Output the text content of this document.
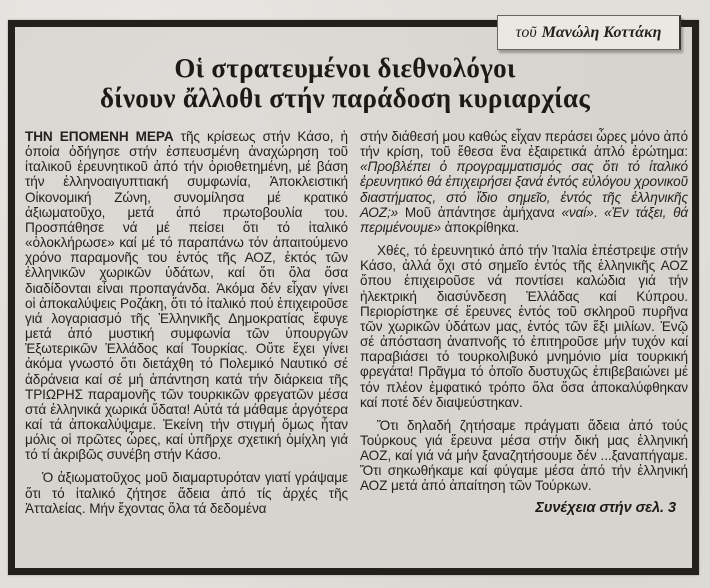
τοῦ Μανώλη Κοττάκη
Οἱ στρατευμένοι διεθνολόγοι
δίνουν ἄλλοθι στήν παράδοση κυριαρχίας

ΤΗΝ ΕΠΟΜΕΝΗ ΜΕΡΑ τῆς κρίσεως στήν Κάσο, ἡ ὁποία ὁδήγησε στήν ἑσπευσμένη ἀναχώρηση τοῦ ἰταλικοῦ ἐρευνητικοῦ ἀπό τήν ὁριοθετημένη, μέ βάση τήν ἑλληνοαιγυπτιακή συμφωνία, Ἀποκλειστική Οἰκονομική Ζώνη, συνομίλησα μέ κρατικό ἀξιωματοῦχο, μετά ἀπό πρωτοβουλία του. Προσπάθησε νά μέ πείσει ὅτι τό ἰταλικό «ὁλοκλήρωσε» καί μέ τό παραπάνω τόν ἀπαιτούμενο χρόνο παραμονῆς του ἐντός τῆς ΑΟΖ, ἐκτός τῶν ἑλληνικῶν χωρικῶν ὑδάτων, καί ὅτι ὅλα ὅσα διαδίδονται εἶναι προπαγάνδα. Ἀκόμα δέν εἶχαν γίνει οἱ ἀποκαλύψεις Ροζάκη, ὅτι τό ἰταλικό πού ἐπιχειροῦσε γιά λογαριασμό τῆς Ἑλληνικῆς Δημοκρατίας ἔφυγε μετά ἀπό μυστική συμφωνία τῶν ὑπουργῶν Ἐξωτερικῶν Ἑλλάδος καί Τουρκίας. Οὔτε ἔχει γίνει ἀκόμα γνωστό ὅτι διετάχθη τό Πολεμικό Ναυτικό σέ ἀδράνεια καί σέ μή ἀπάντηση κατά τήν διάρκεια τῆς ΤΡΙΩΡΗΣ παραμονῆς τῶν τουρκικῶν φρεγατῶν μέσα στά ἑλληνικά χωρικά ὕδατα! Αὐτά τά μάθαμε ἀργότερα καί τά ἀποκαλύψαμε. Ἐκείνη τήν στιγμή ὅμως ἦταν μόλις οἱ πρῶτες ὧρες, καί ὑπῆρχε σχετική ὁμίχλη γιά τό τί ἀκριβῶς συνέβη στήν Κάσο.

Ὁ ἀξιωματοῦχος μοῦ διαμαρτυρόταν γιατί γράψαμε ὅτι τό ἰταλικό ζήτησε ἄδεια ἀπό τίς ἀρχές τῆς Ἀτταλείας. Μήν ἔχοντας ὅλα τά δεδομένα

στήν διάθεσή μου καθώς εἶχαν περάσει ὧρες μόνο ἀπό τήν κρίση, τοῦ ἔθεσα ἕνα ἐξαιρετικά ἁπλό ἐρώτημα: «Προβλέπει ὁ προγραμματισμός σας ὅτι τό ἰταλικό ἐρευνητικό θά ἐπιχειρήσει ξανά ἐντός εὐλόγου χρονικοῦ διαστήματος, στό ἴδιο σημεῖο, ἐντός τῆς ἑλληνικῆς ΑΟΖ;» Μοῦ ἀπάντησε ἀμήχανα «ναί». «Ἐν τάξει, θά περιμένουμε» ἀποκρίθηκα.

Χθές, τό ἐρευνητικό ἀπό τήν Ἰταλία ἐπέστρεψε στήν Κάσο, ἀλλά ὄχι στό σημεῖο ἐντός τῆς ἑλληνικῆς ΑΟΖ ὅπου ἐπιχειροῦσε νά ποντίσει καλώδια γιά τήν ἠλεκτρική διασύνδεση Ἑλλάδας καί Κύπρου. Περιορίστηκε σέ ἔρευνες ἐντός τοῦ σκληροῦ πυρῆνα τῶν χωρικῶν ὑδάτων μας, ἐντός τῶν ἕξι μιλίων. Ἐνῷ σέ ἀπόσταση ἀναπνοῆς τό ἐπιτηροῦσε μήν τυχόν καί παραβιάσει τό τουρκολιβυκό μνημόνιο μία τουρκική φρεγάτα! Πρᾶγμα τό ὁποῖο δυστυχῶς ἐπιβεβαιώνει μέ τόν πλέον ἐμφατικό τρόπο ὅλα ὅσα ἀποκαλύφθηκαν καί ποτέ δέν διαψεύστηκαν.

Ὅτι δηλαδή ζητήσαμε πράγματι ἄδεια ἀπό τούς Τούρκους γιά ἔρευνα μέσα στήν δική μας ἑλληνική ΑΟΖ, καί γιά νά μήν ξαναζητήσουμε δέν ...ξαναπήγαμε. Ὅτι σηκωθήκαμε καί φύγαμε μέσα ἀπό τήν ἑλληνική ΑΟΖ μετά ἀπό ἀπαίτηση τῶν Τούρκων.

Συνέχεια στήν σελ. 3
